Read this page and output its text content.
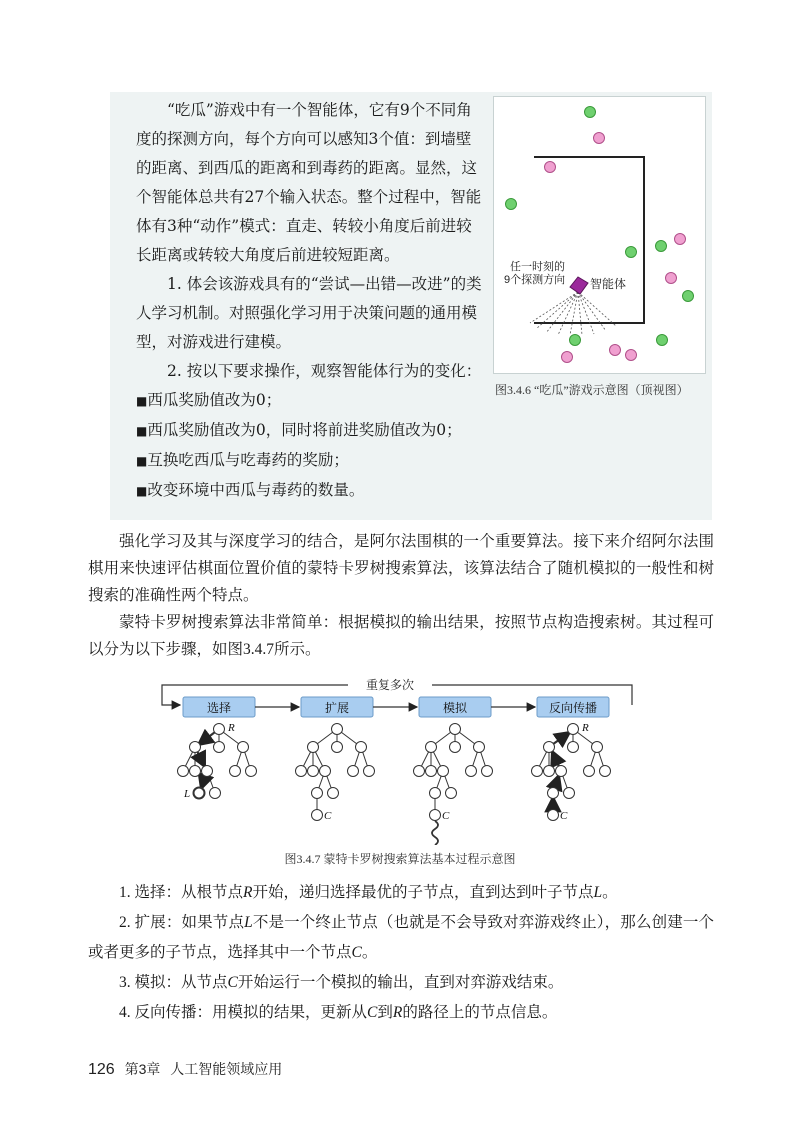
“吃瓜”游戏中有一个智能体，它有9个不同角度的探测方向，每个方向可以感知3个值：到墙壁的距离、到西瓜的距离和到毒药的距离。显然，这个智能体总共有27个输入状态。整个过程中，智能体有3种“动作”模式：直走、转较小角度后前进较长距离或转较大角度后前进较短距离。

1. 体会该游戏具有的“尝试—出错—改进”的类人学习机制。对照强化学习用于决策问题的通用模型，对游戏进行建模。

2. 按以下要求操作，观察智能体行为的变化：

■ 西瓜奖励值改为0；
■ 西瓜奖励值改为0，同时将前进奖励值改为0；
■ 互换吃西瓜与吃毒药的奖励；
■ 改变环境中西瓜与毒药的数量。
任一时刻的
9个探测方向 智能体
图3.4.6 “吃瓜”游戏示意图（顶视图）

强化学习及其与深度学习的结合，是阿尔法围棋的一个重要算法。接下来介绍阿尔法围棋用来快速评估棋面位置价值的蒙特卡罗树搜索算法，该算法结合了随机模拟的一般性和树搜索的准确性两个特点。

蒙特卡罗树搜索算法非常简单：根据模拟的输出结果，按照节点构造搜索树。其过程可以分为以下步骤，如图3.4.7所示。

重复多次
选择	扩展	模拟	反向传播
R
L
C	C
R
C
图3.4.7 蒙特卡罗树搜索算法基本过程示意图

1. 选择：从根节点R开始，递归选择最优的子节点，直到达到叶子节点L。

2. 扩展：如果节点L不是一个终止节点（也就是不会导致对弈游戏终止），那么创建一个或者更多的子节点，选择其中一个节点C。

3. 模拟：从节点C开始运行一个模拟的输出，直到对弈游戏结束。

4. 反向传播：用模拟的结果，更新从C到R的路径上的节点信息。

126 第3章 人工智能领域应用
